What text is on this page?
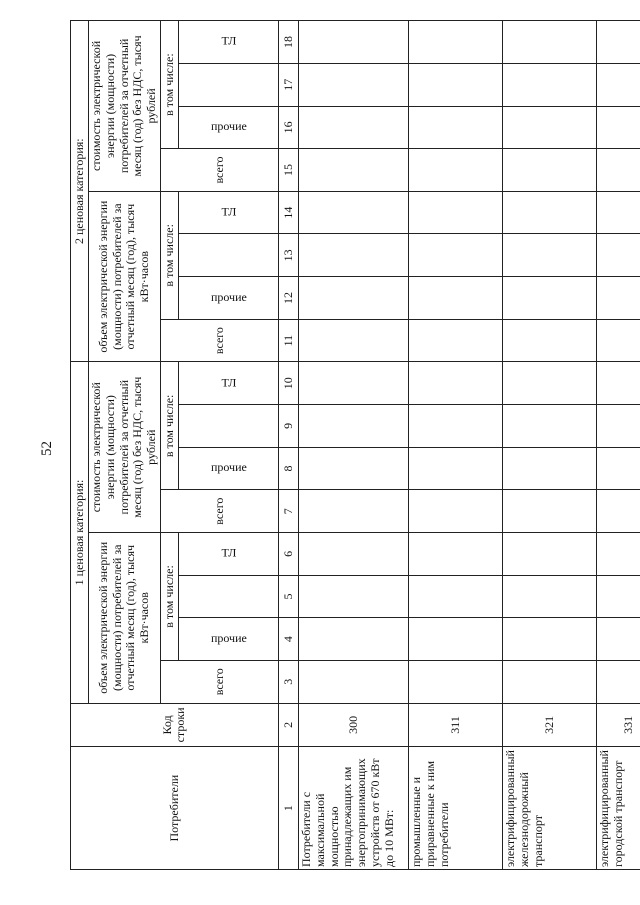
52
Потребители	Код строки	1 ценовая категория:								2 ценовая категория:							
		объем электрической энергии (мощности) потребителей за отчетный месяц (год), тысяч кВт·часов				стоимость электрической энергии (мощности) потребителей за отчетный месяц (год) без НДС, тысяч рублей				объем электрической энергии (мощности) потребителей за отчетный месяц (год), тысяч кВт·часов				стоимость электрической энергии (мощности) потребителей за отчетный месяц (год) без НДС, тысяч рублей			
		всего	в том числе:			всего	в том числе:			всего	в том числе:			всего	в том числе:		
			прочие		ТЛ		прочие		ТЛ		прочие		ТЛ		прочие		ТЛ

1	2	3	4	5	6	7	8	9	10	11	12	13	14	15	16	17	18
Потребители с максимальной мощностью принадлежащих им энергопринимающих устройств от 670 кВт до 10 МВт:	300																
промышленные и приравненные к ним потребители	311																
электрифицированный железнодорожный транспорт	321																
электрифицированный городской транспорт	331																
